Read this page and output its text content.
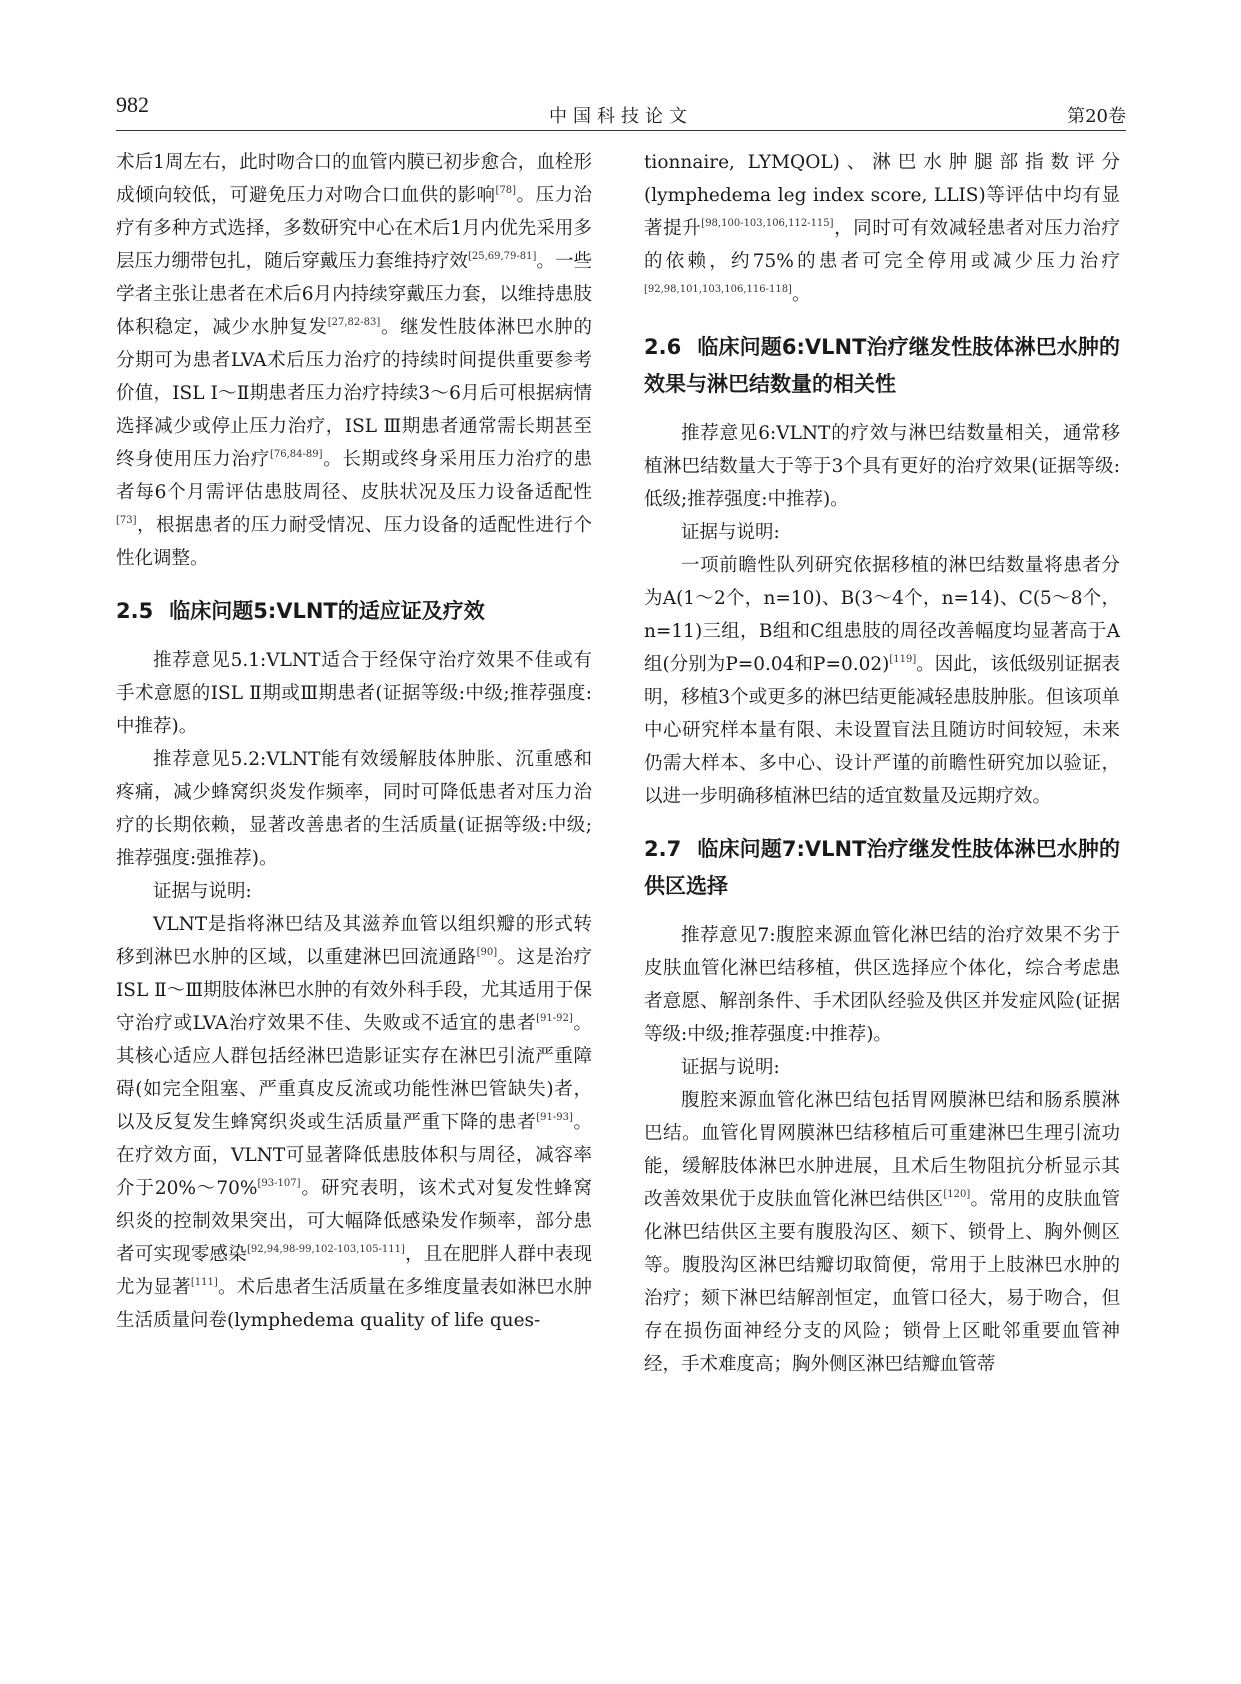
982	中国科技论文	第20卷

术后1周左右，此时吻合口的血管内膜已初步愈合，血栓形成倾向较低，可避免压力对吻合口血供的影响[78]。压力治疗有多种方式选择，多数研究中心在术后1月内优先采用多层压力绷带包扎，随后穿戴压力套维持疗效[25,69,79-81]。一些学者主张让患者在术后6月内持续穿戴压力套，以维持患肢体积稳定，减少水肿复发[27,82-83]。继发性肢体淋巴水肿的分期可为患者LVA术后压力治疗的持续时间提供重要参考价值，ISL Ⅰ～Ⅱ期患者压力治疗持续3～6月后可根据病情选择减少或停止压力治疗，ISL Ⅲ期患者通常需长期甚至终身使用压力治疗[76,84-89]。长期或终身采用压力治疗的患者每6个月需评估患肢周径、皮肤状况及压力设备适配性[73]，根据患者的压力耐受情况、压力设备的适配性进行个性化调整。

2.5 临床问题5:VLNT的适应证及疗效

推荐意见5.1:VLNT适合于经保守治疗效果不佳或有手术意愿的ISL Ⅱ期或Ⅲ期患者(证据等级:中级;推荐强度:中推荐)。

推荐意见5.2:VLNT能有效缓解肢体肿胀、沉重感和疼痛，减少蜂窝织炎发作频率，同时可降低患者对压力治疗的长期依赖，显著改善患者的生活质量(证据等级:中级;推荐强度:强推荐)。

证据与说明:

VLNT是指将淋巴结及其滋养血管以组织瓣的形式转移到淋巴水肿的区域，以重建淋巴回流通路[90]。这是治疗ISL Ⅱ～Ⅲ期肢体淋巴水肿的有效外科手段，尤其适用于保守治疗或LVA治疗效果不佳、失败或不适宜的患者[91-92]。其核心适应人群包括经淋巴造影证实存在淋巴引流严重障碍(如完全阻塞、严重真皮反流或功能性淋巴管缺失)者，以及反复发生蜂窝织炎或生活质量严重下降的患者[91-93]。在疗效方面，VLNT可显著降低患肢体积与周径，减容率介于20%～70%[93-107]。研究表明，该术式对复发性蜂窝织炎的控制效果突出，可大幅降低感染发作频率，部分患者可实现零感染[92,94,98-99,102-103,105-111]，且在肥胖人群中表现尤为显著[111]。术后患者生活质量在多维度量表如淋巴水肿生活质量问卷(lymphedema quality of life ques-

tionnaire, LYMQOL)、淋巴水肿腿部指数评分(lymphedema leg index score, LLIS)等评估中均有显著提升[98,100-103,106,112-115]，同时可有效减轻患者对压力治疗的依赖，约75%的患者可完全停用或减少压力治疗[92,98,101,103,106,116-118]。

2.6 临床问题6:VLNT治疗继发性肢体淋巴水肿的效果与淋巴结数量的相关性

推荐意见6:VLNT的疗效与淋巴结数量相关，通常移植淋巴结数量大于等于3个具有更好的治疗效果(证据等级:低级;推荐强度:中推荐)。

证据与说明:

一项前瞻性队列研究依据移植的淋巴结数量将患者分为A(1～2个，n=10)、B(3～4个，n=14)、C(5～8个，n=11)三组，B组和C组患肢的周径改善幅度均显著高于A组(分别为P=0.04和P=0.02)[119]。因此，该低级别证据表明，移植3个或更多的淋巴结更能减轻患肢肿胀。但该项单中心研究样本量有限、未设置盲法且随访时间较短，未来仍需大样本、多中心、设计严谨的前瞻性研究加以验证，以进一步明确移植淋巴结的适宜数量及远期疗效。

2.7 临床问题7:VLNT治疗继发性肢体淋巴水肿的供区选择

推荐意见7:腹腔来源血管化淋巴结的治疗效果不劣于皮肤血管化淋巴结移植，供区选择应个体化，综合考虑患者意愿、解剖条件、手术团队经验及供区并发症风险(证据等级:中级;推荐强度:中推荐)。

证据与说明:

腹腔来源血管化淋巴结包括胃网膜淋巴结和肠系膜淋巴结。血管化胃网膜淋巴结移植后可重建淋巴生理引流功能，缓解肢体淋巴水肿进展，且术后生物阻抗分析显示其改善效果优于皮肤血管化淋巴结供区[120]。常用的皮肤血管化淋巴结供区主要有腹股沟区、颏下、锁骨上、胸外侧区等。腹股沟区淋巴结瓣切取简便，常用于上肢淋巴水肿的治疗；颏下淋巴结解剖恒定，血管口径大，易于吻合，但存在损伤面神经分支的风险；锁骨上区毗邻重要血管神经，手术难度高；胸外侧区淋巴结瓣血管蒂
